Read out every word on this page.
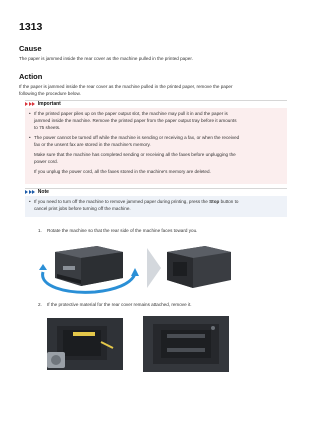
1313
Cause
The paper is jammed inside the rear cover as the machine pulled in the printed paper.
Action
If the paper is jammed inside the rear cover as the machine pulled in the printed paper, remove the paper
following the procedure below.
Important
• If the printed paper piles up on the paper output slot, the machine may pull it in and the paper is
jammed inside the machine. Remove the printed paper from the paper output tray before it amounts
to 75 sheets.
• The power cannot be turned off while the machine is sending or receiving a fax, or when the received
fax or the unsent fax are stored in the machine's memory.
Make sure that the machine has completed sending or receiving all the faxes before unplugging the
power cord.
If you unplug the power cord, all the faxes stored in the machine's memory are deleted.
Note
• If you need to turn off the machine to remove jammed paper during printing, press the Stop button to
cancel print jobs before turning off the machine.
1. Rotate the machine so that the rear side of the machine faces toward you.
2. If the protective material for the rear cover remains attached, remove it.
